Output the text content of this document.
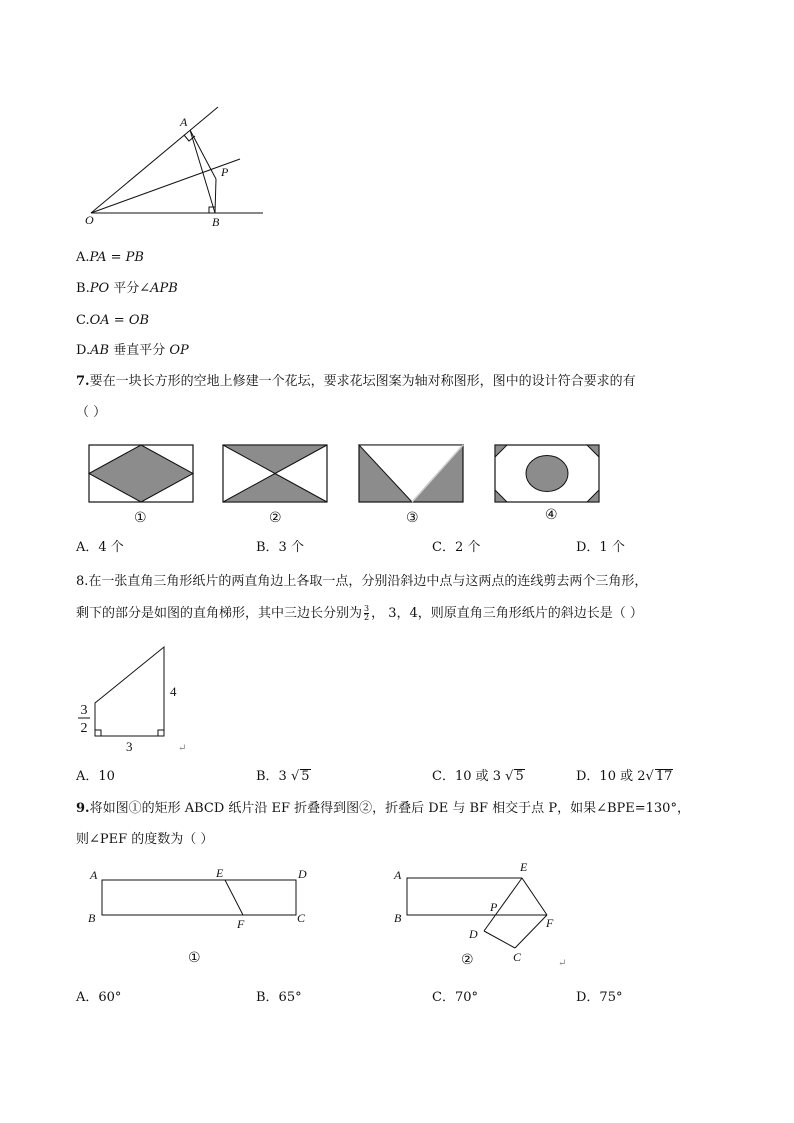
A
O
P
B
A.PA = PB
B.PO 平分∠APB
C.OA = OB
D.AB 垂直平分 OP
7.要在一块长方形的空地上修建一个花坛，要求花坛图案为轴对称图形，图中的设计符合要求的有
（ ）
①	②	③	④
A．4 个	B．3 个	C．2 个	D．1 个
8.在一张直角三角形纸片的两直角边上各取一点，分别沿斜边中点与这两点的连线剪去两个三角形，
剩下的部分是如图的直角梯形，其中三边长分别为 $\frac{3}{2}$ ， 3，4，则原直角三角形纸片的斜边长是（ ）
3
2
4
3	↵
A．10	B．3 √ 5	C．10 或 3 √ 5	D．10 或 2√ 17
9.将如图①的矩形 ABCD 纸片沿 EF 折叠得到图②，折叠后 DE 与 BF 相交于点 P，如果∠BPE=130°，
则∠PEF 的度数为（ ）
A
B	C
D
E
F
①
A
B
C
D
E
F
P
②	↵
A．60°	B．65°	C．70°	D．75°
